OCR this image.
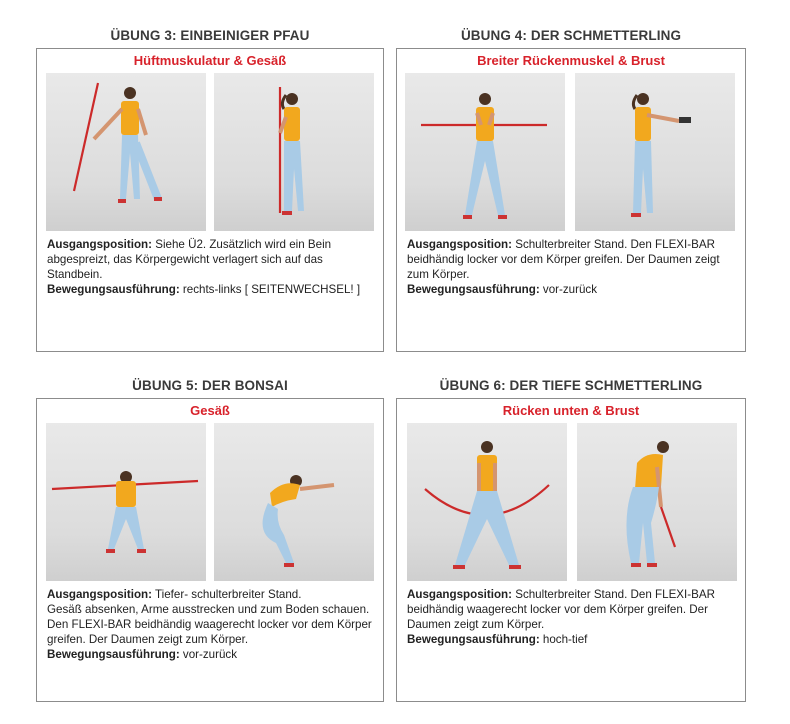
ÜBUNG 3: EINBEINIGER PFAU
Hüftmuskulatur & Gesäß
Ausgangsposition: Siehe Ü2. Zusätzlich wird ein Bein
abgespreizt, das Körpergewicht verlagert sich auf das Standbein.
Bewegungsausführung: rechts-links [ SEITENWECHSEL! ]
ÜBUNG 4: DER SCHMETTERLING
Breiter Rückenmuskel & Brust
Ausgangsposition: Schulterbreiter Stand. Den FLEXI-BAR
beidhändig locker vor dem Körper greifen. Der Daumen zeigt
zum Körper.
Bewegungsausführung: vor-zurück
ÜBUNG 5: DER BONSAI
Gesäß
Ausgangsposition: Tiefer- schulterbreiter Stand.
Gesäß absenken, Arme ausstrecken und zum Boden schauen.
Den FLEXI-BAR beidhändig waagerecht locker vor dem Körper
greifen. Der Daumen zeigt zum Körper.
Bewegungsausführung: vor-zurück
ÜBUNG 6: DER TIEFE SCHMETTERLING
Rücken unten & Brust
Ausgangsposition: Schulterbreiter Stand. Den FLEXI-BAR
beidhändig waagerecht locker vor dem Körper greifen. Der
Daumen zeigt zum Körper.
Bewegungsausführung: hoch-tief
